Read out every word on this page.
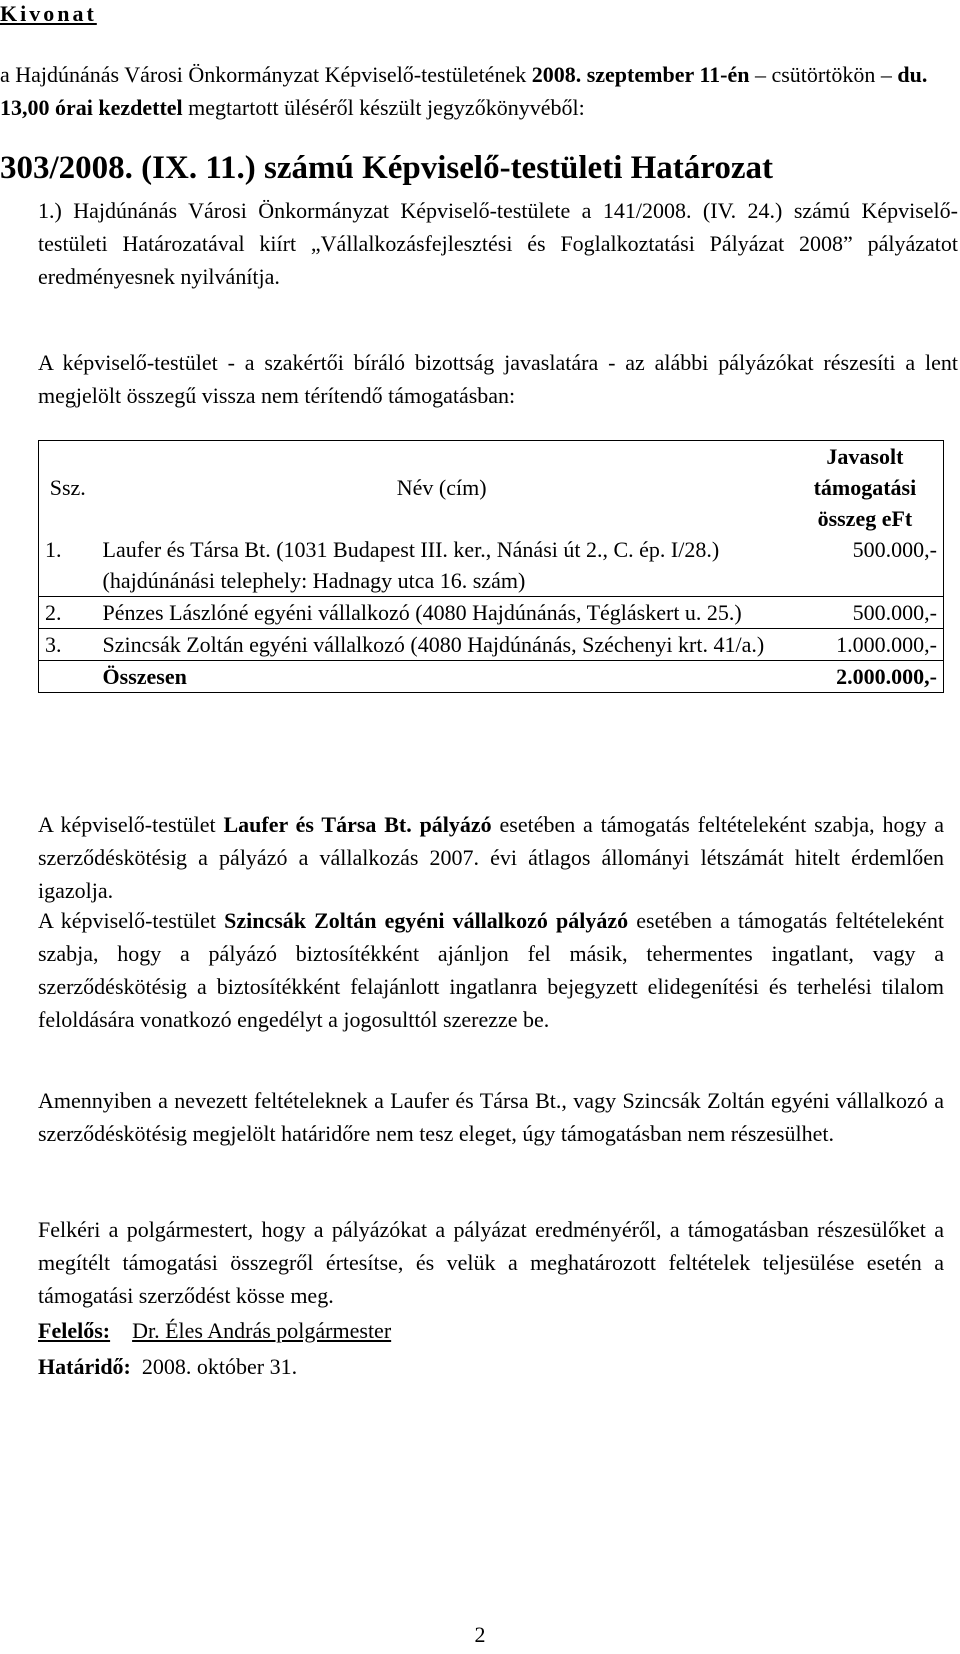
Kivonat
a Hajdúnánás Városi Önkormányzat Képviselő-testületének 2008. szeptember 11-én – csütörtökön – du. 13,00 órai kezdettel megtartott üléséről készült jegyzőkönyvéből:
303/2008. (IX. 11.) számú Képviselő-testületi Határozat
1.) Hajdúnánás Városi Önkormányzat Képviselő-testülete a 141/2008. (IV. 24.) számú Képviselő-testületi Határozatával kiírt „Vállalkozásfejlesztési és Foglalkoztatási Pályázat 2008” pályázatot eredményesnek nyilvánítja.
A képviselő-testület - a szakértői bíráló bizottság javaslatára - az alábbi pályázókat részesíti a lent megjelölt összegű vissza nem térítendő támogatásban:
Ssz.	Név (cím)	Javasolt támogatási összeg eFt
1.	Laufer és Társa Bt. (1031 Budapest III. ker., Nánási út 2., C. ép. I/28.) (hajdúnánási telephely: Hadnagy utca 16. szám)	500.000,-
2.	Pénzes Lászlóné egyéni vállalkozó (4080 Hajdúnánás, Tégláskert u. 25.)	500.000,-
3.	Szincsák Zoltán egyéni vállalkozó (4080 Hajdúnánás, Széchenyi krt. 41/a.)	1.000.000,-
	Összesen	2.000.000,-
A képviselő-testület Laufer és Társa Bt. pályázó esetében a támogatás feltételeként szabja, hogy a szerződéskötésig a pályázó a vállalkozás 2007. évi átlagos állományi létszámát hitelt érdemlően igazolja.
A képviselő-testület Szincsák Zoltán egyéni vállalkozó pályázó esetében a támogatás feltételeként szabja, hogy a pályázó biztosítékként ajánljon fel másik, tehermentes ingatlant, vagy a szerződéskötésig a biztosítékként felajánlott ingatlanra bejegyzett elidegenítési és terhelési tilalom feloldására vonatkozó engedélyt a jogosulttól szerezze be.
Amennyiben a nevezett feltételeknek a Laufer és Társa Bt., vagy Szincsák Zoltán egyéni vállalkozó a szerződéskötésig megjelölt határidőre nem tesz eleget, úgy támogatásban nem részesülhet.
Felkéri a polgármestert, hogy a pályázókat a pályázat eredményéről, a támogatásban részesülőket a megítélt támogatási összegről értesítse, és velük a meghatározott feltételek teljesülése esetén a támogatási szerződést kösse meg.
Felelős: Dr. Éles András polgármester
Határidő: 2008. október 31.
2
